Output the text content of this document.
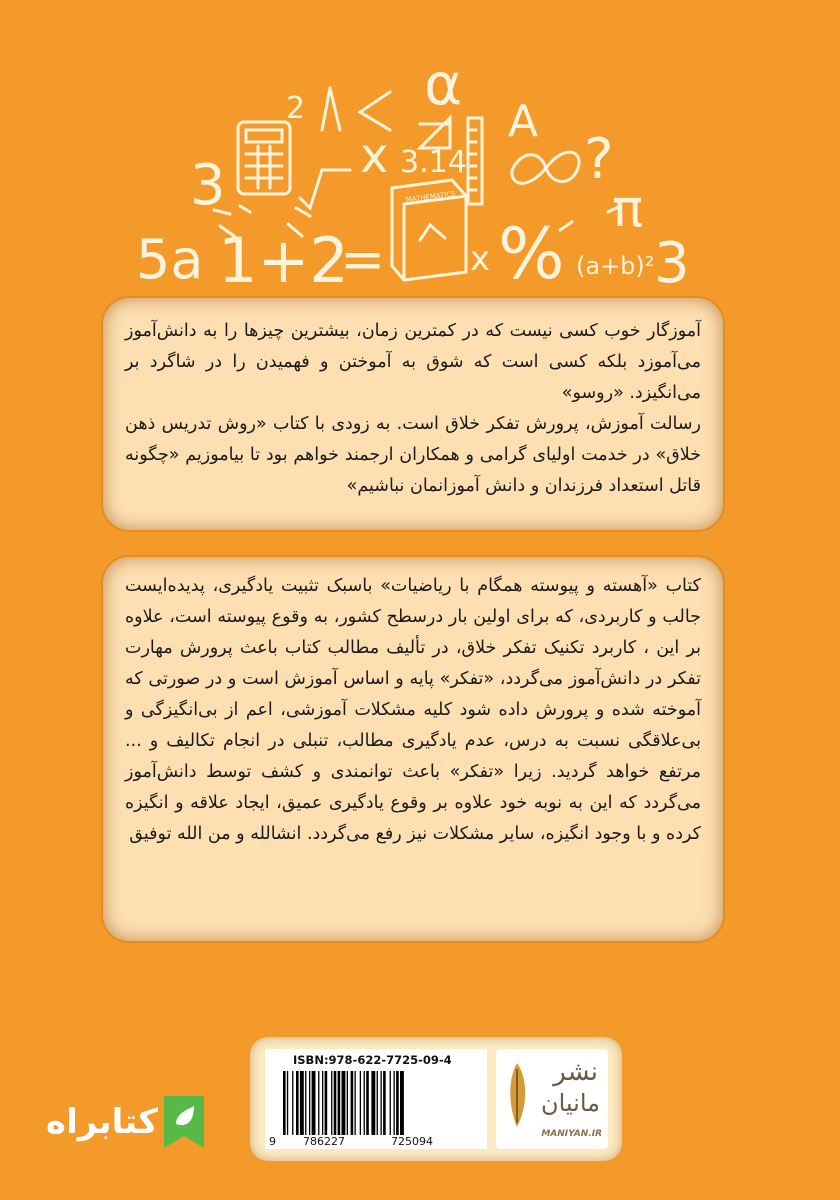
α
A
3.14
π
?
x
2
3
3
5a 1+2
= % (a+b)²
x
MATHEMATICS

آموزگار خوب کسی نیست که در کمترین زمان، بیشترین چیزها را به دانش‌آموز می‌آموزد بلکه کسی است که شوق به آموختن و فهمیدن را در شاگرد بر می‌انگیزد. «روسو»

رسالت آموزش، پرورش تفکر خلاق است. به زودی با کتاب «روش تدریس ذهن خلاق» در خدمت اولیای گرامی و همکاران ارجمند خواهم بود تا بیاموزیم «چگونه قاتل استعداد فرزندان و دانش آموزانمان نباشیم»

کتاب «آهسته و پیوسته همگام با ریاضیات» باسبک تثبیت یادگیری، پدیده‌ایست جالب و کاربردی، که برای اولین بار درسطح کشور، به وقوع پیوسته است، علاوه بر این ، کاربرد تکنیک تفکر خلاق، در تألیف مطالب کتاب باعث پرورش مهارت تفکر در دانش‌آموز می‌گردد، «تفکر» پایه و اساس آموزش است و در صورتی که آموخته شده و پرورش داده شود کلیه مشکلات آموزشی، اعم از بی‌انگیزگی و بی‌علاقگی نسبت به درس، عدم یادگیری مطالب، تنبلی در انجام تکالیف و ... مرتفع خواهد گردید. زیرا «تفکر» باعث توانمندی و کشف توسط دانش‌آموز می‌گردد که این به نوبه خود علاوه بر وقوع یادگیری عمیق، ایجاد علاقه و انگیزه کرده و با وجود انگیزه، سایر مشکلات نیز رفع می‌گردد. انشالله و من الله توفیق

ISBN:978-622-7725-09-4
9 786227	725094
نشر
مانیان
MANIYAN.IR
کتابراه
